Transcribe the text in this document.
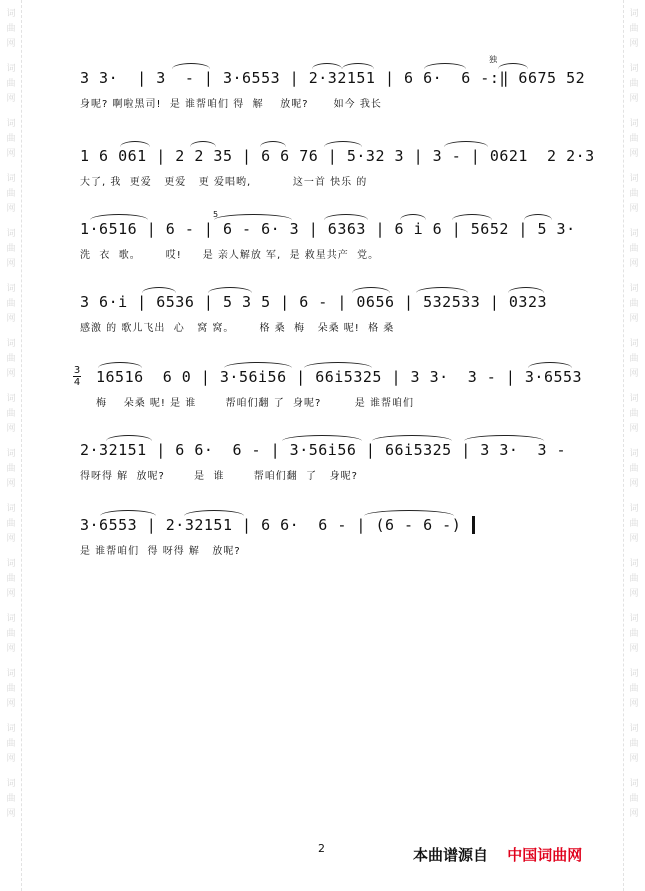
词
曲
网
词
曲
网
词
曲
网
词
曲
网
词
曲
网
词
曲
网
词
曲
网
词
曲
网
词
曲
网
词
曲
网
词
曲
网
词
曲
网
词
曲
网
词
曲
网
词
曲
网
词
曲
网
词
曲
网
词
曲
网
词
曲
网
词
曲
网
词
曲
网
词
曲
网
词
曲
网
词
曲
网
词
曲
网
词
曲
网
词
曲
网
词
曲
网
词
曲
网
词
曲
网
独
5
3 3·  | 3  - | 3·6553 | 2·32151 | 6 6·  6 -:‖ 6675 52
身呢? 啊啦黑司!  是 谁帮咱们 得  解    放呢?      如今 我长
1 6 061 | 2 2 35 | 6 6 76 | 5·32 3 | 3 - | 0621  2 2·3
大了, 我  更爱   更爱   更 爱唱哟,          这一首 快乐 的
1·6516 | 6 - | 6 - 6· 3 | 6363 | 6 i 6 | 5652 | 5 3·
洗  衣  歌。      哎!     是 亲人解放 军,  是 救星共产  党。
3 6·i | 6536 | 5 3 5 | 6 - | 0656 | 532533 | 0323
感激 的 歌儿飞出  心   窝 窝。      格 桑  梅   朵桑 呢!  格 桑
3
4 16516  6 0 | 3·56i56 | 66i5325 | 3 3·  3 - | 3·6553
梅    朵桑 呢! 是 谁       帮咱们翻 了  身呢?        是 谁帮咱们
2·32151 | 6 6·  6 - | 3·56i56 | 66i5325 | 3 3·  3 -
得呀得 解  放呢?       是  谁       帮咱们翻  了   身呢?
3·6553 | 2·32151 | 6 6·  6 - | (6 - 6 -)
是 谁帮咱们  得 呀得 解   放呢?
2	本曲谱源自 中国词曲网
